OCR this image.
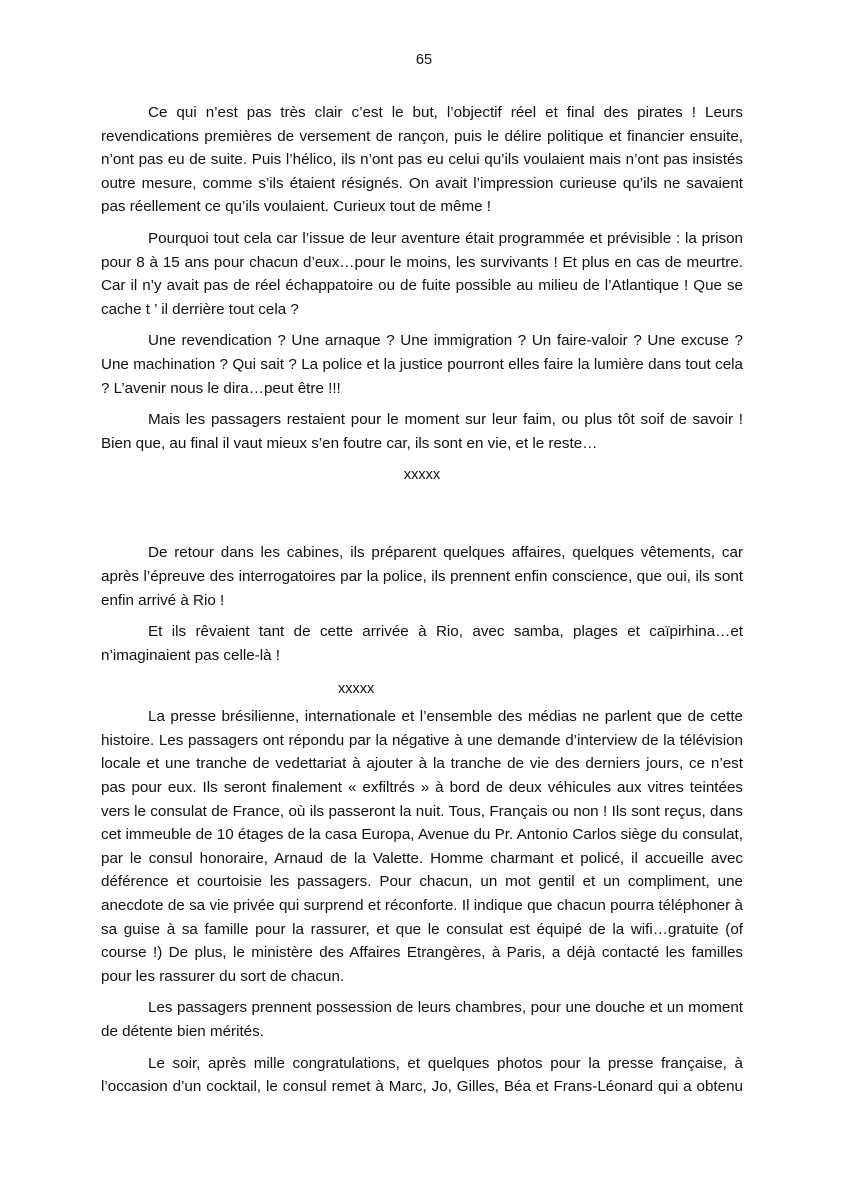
65

Ce qui n’est pas très clair c’est le but, l’objectif réel et final des pirates ! Leurs revendications premières de versement de rançon, puis le délire politique et financier ensuite, n’ont pas eu de suite. Puis l’hélico, ils n’ont pas eu celui qu’ils voulaient mais n’ont pas insistés outre mesure, comme s’ils étaient résignés. On avait l’impression curieuse qu’ils ne savaient pas réellement ce qu’ils voulaient. Curieux tout de même !

Pourquoi tout cela car l’issue de leur aventure était programmée et prévisible : la prison pour 8 à 15 ans pour chacun d’eux…pour le moins, les survivants ! Et plus en cas de meurtre. Car il n’y avait pas de réel échappatoire ou de fuite possible au milieu de l’Atlantique ! Que se cache t ’ il derrière tout cela ?

Une revendication ? Une arnaque ? Une immigration ? Un faire-valoir ? Une excuse ? Une machination ? Qui sait ? La police et la justice pourront elles faire la lumière dans tout cela ? L’avenir nous le dira…peut être !!!

Mais les passagers restaient pour le moment sur leur faim, ou plus tôt soif de savoir ! Bien que, au final il vaut mieux s’en foutre car, ils sont en vie, et le reste…

xxxxx

De retour dans les cabines, ils préparent quelques affaires, quelques vêtements, car après l’épreuve des interrogatoires par la police, ils prennent enfin conscience, que oui, ils sont enfin arrivé à Rio !

Et ils rêvaient tant de cette arrivée à Rio, avec samba, plages et caïpirhina…et n’imaginaient pas celle-là !

xxxxx

La presse brésilienne, internationale et l’ensemble des médias ne parlent que de cette histoire. Les passagers ont répondu par la négative à une demande d’interview de la télévision locale et une tranche de vedettariat à ajouter à la tranche de vie des derniers jours, ce n’est pas pour eux. Ils seront finalement « exfiltrés » à bord de deux véhicules aux vitres teintées vers le consulat de France, où ils passeront la nuit. Tous, Français ou non ! Ils sont reçus, dans cet immeuble de 10 étages de la casa Europa, Avenue du Pr. Antonio Carlos siège du consulat, par le consul honoraire, Arnaud de la Valette. Homme charmant et policé, il accueille avec déférence et courtoisie les passagers. Pour chacun, un mot gentil et un compliment, une anecdote de sa vie privée qui surprend et réconforte. Il indique que chacun pourra téléphoner à sa guise à sa famille pour la rassurer, et que le consulat est équipé de la wifi…gratuite (of course !) De plus, le ministère des Affaires Etrangères, à Paris, a déjà contacté les familles pour les rassurer du sort de chacun.

Les passagers prennent possession de leurs chambres, pour une douche et un moment de détente bien mérités.

Le soir, après mille congratulations, et quelques photos pour la presse française, à l’occasion d’un cocktail, le consul remet à Marc, Jo, Gilles, Béa et Frans-Léonard qui a obtenu
